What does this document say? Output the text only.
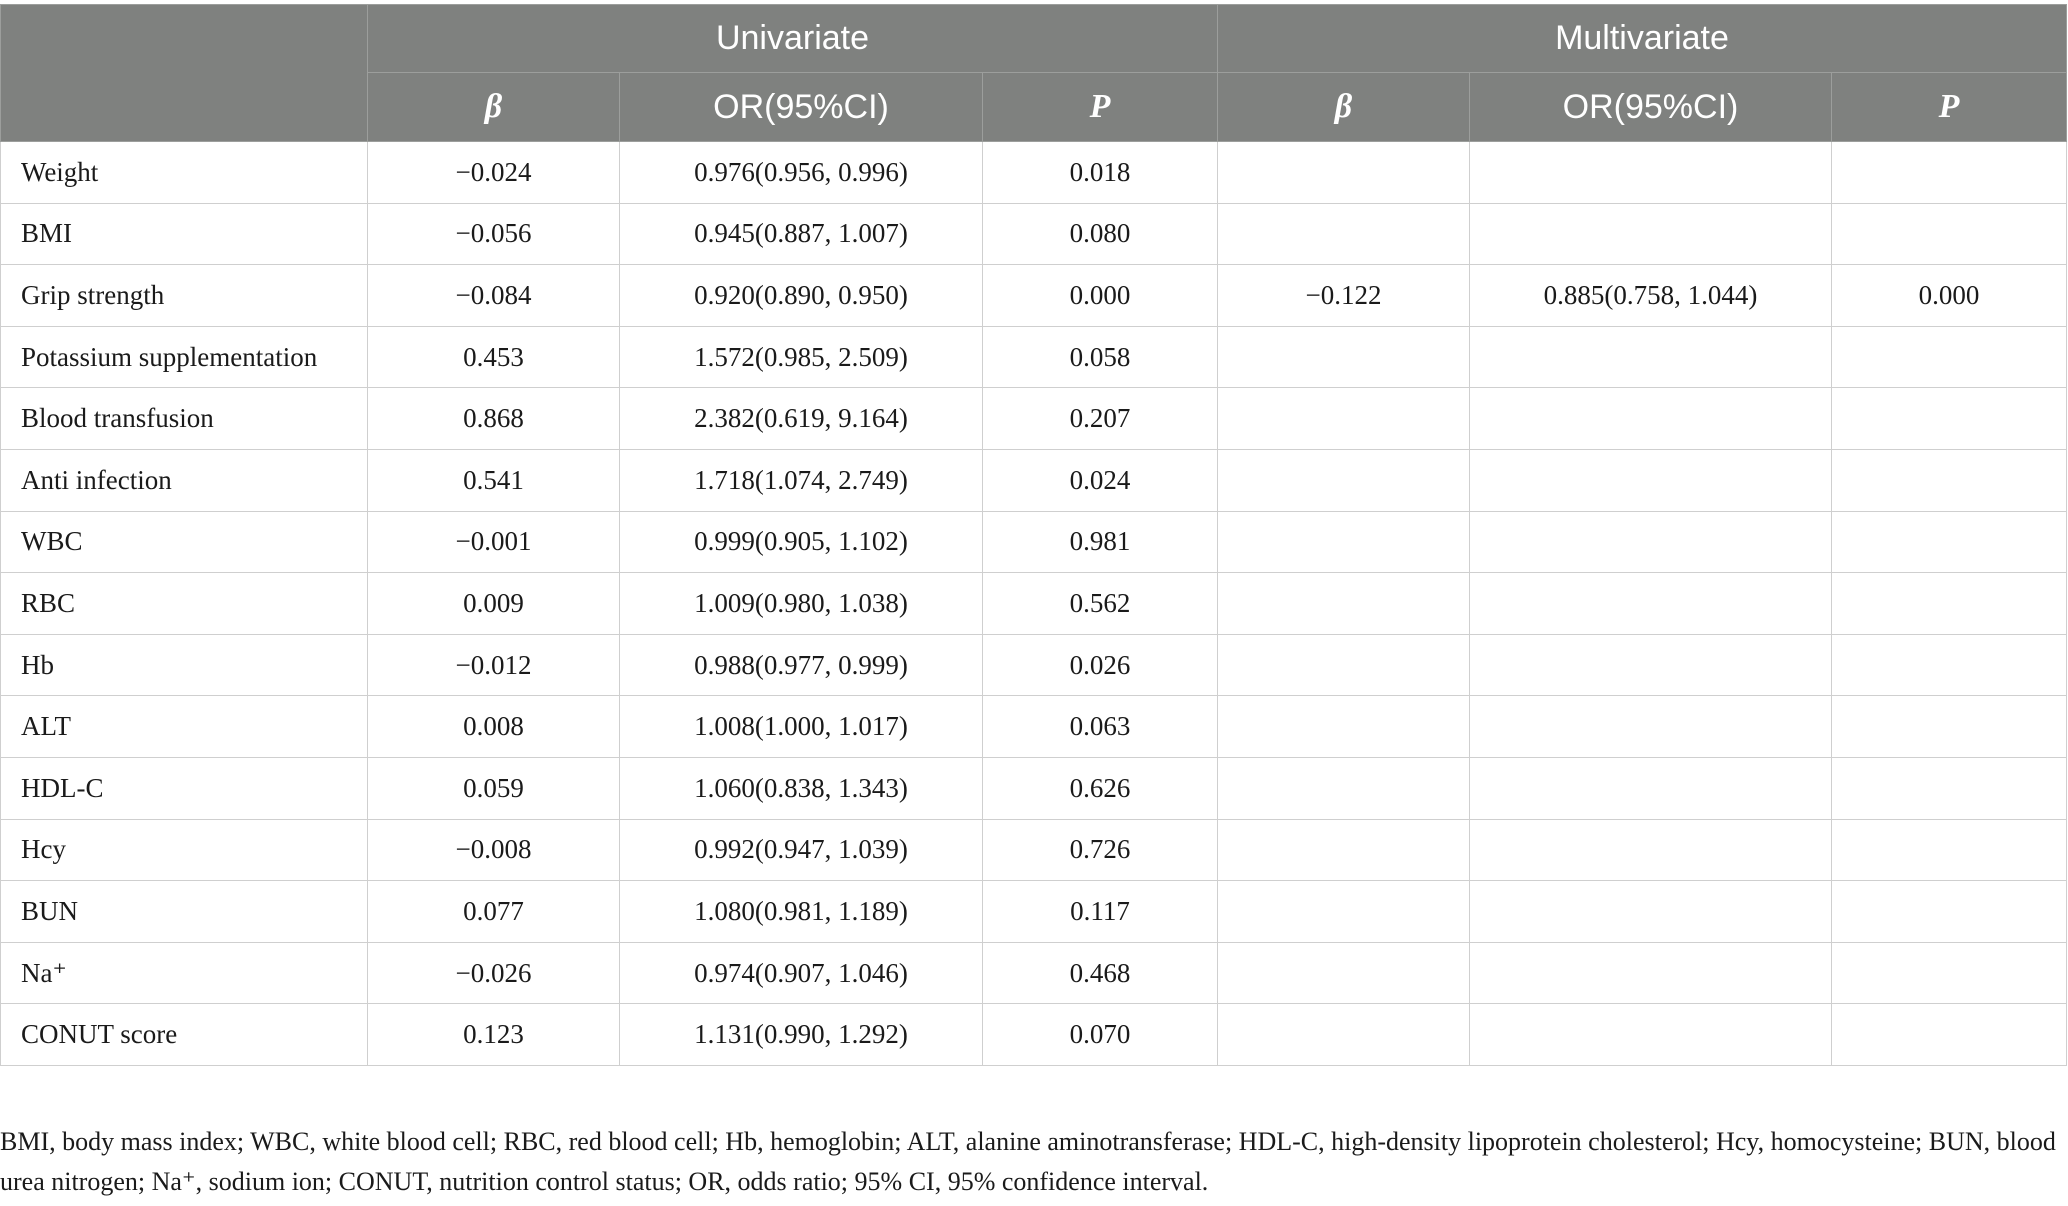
	Univariate			Multivariate		
	β	OR(95%CI)	P	β	OR(95%CI)	P
Weight	−0.024	0.976(0.956, 0.996)	0.018			
BMI	−0.056	0.945(0.887, 1.007)	0.080			
Grip strength	−0.084	0.920(0.890, 0.950)	0.000	−0.122	0.885(0.758, 1.044)	0.000
Potassium supplementation	0.453	1.572(0.985, 2.509)	0.058			
Blood transfusion	0.868	2.382(0.619, 9.164)	0.207			
Anti infection	0.541	1.718(1.074, 2.749)	0.024			
WBC	−0.001	0.999(0.905, 1.102)	0.981			
RBC	0.009	1.009(0.980, 1.038)	0.562			
Hb	−0.012	0.988(0.977, 0.999)	0.026			
ALT	0.008	1.008(1.000, 1.017)	0.063			
HDL-C	0.059	1.060(0.838, 1.343)	0.626			
Hcy	−0.008	0.992(0.947, 1.039)	0.726			
BUN	0.077	1.080(0.981, 1.189)	0.117			
Na⁺	−0.026	0.974(0.907, 1.046)	0.468			
CONUT score	0.123	1.131(0.990, 1.292)	0.070			
BMI, body mass index; WBC, white blood cell; RBC, red blood cell; Hb, hemoglobin; ALT, alanine aminotransferase; HDL-C, high-density lipoprotein cholesterol; Hcy, homocysteine; BUN, blood urea nitrogen; Na⁺, sodium ion; CONUT, nutrition control status; OR, odds ratio; 95% CI, 95% confidence interval.
